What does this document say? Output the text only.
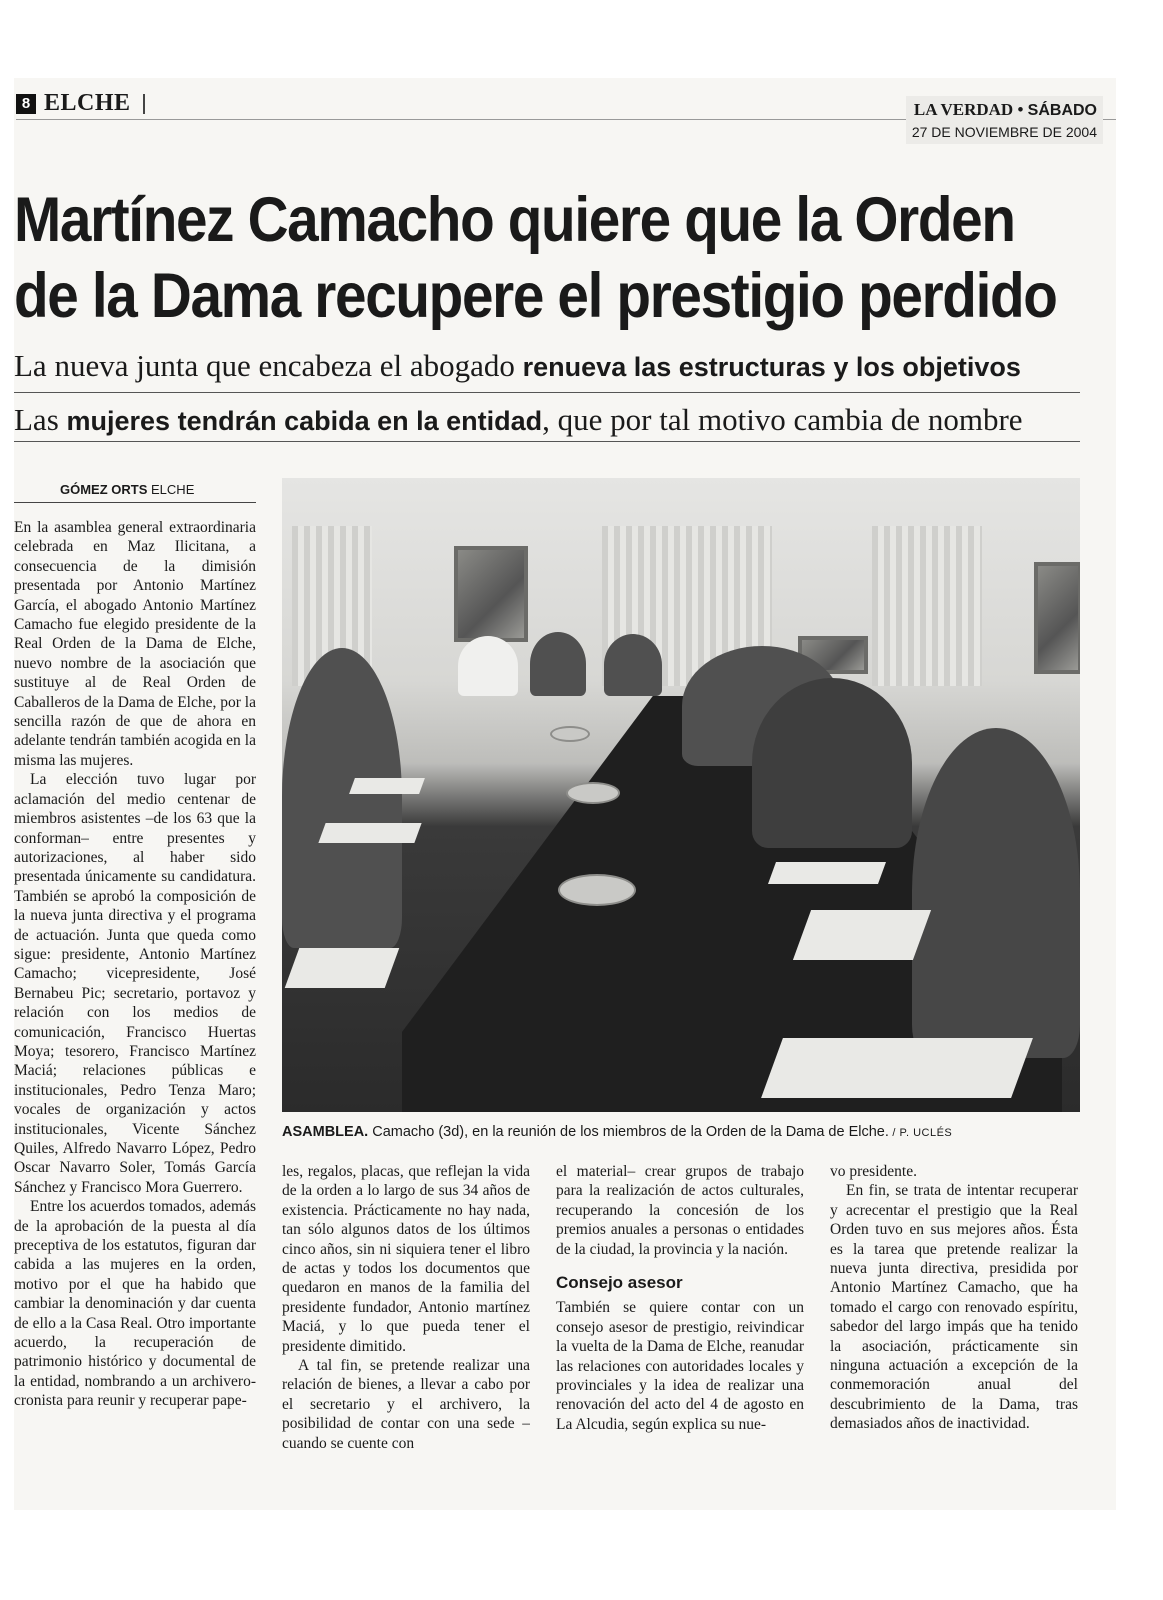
8 ELCHE	LA VERDAD • SÁBADO
27 DE NOVIEMBRE DE 2004
Martínez Camacho quiere que la Orden
de la Dama recupere el prestigio perdido
La nueva junta que encabeza el abogado renueva las estructuras y los objetivos
Las mujeres tendrán cabida en la entidad, que por tal motivo cambia de nombre
GÓMEZ ORTS ELCHE
ASAMBLEA. Camacho (3d), en la reunión de los miembros de la Orden de la Dama de Elche. / P. UCLÉS

En la asamblea general extraordinaria celebrada en Maz Ilicitana, a consecuencia de la dimisión presentada por Antonio Martínez García, el abogado Antonio Martínez Camacho fue elegido presidente de la Real Orden de la Dama de Elche, nuevo nombre de la asociación que sustituye al de Real Orden de Caballeros de la Dama de Elche, por la sencilla razón de que de ahora en adelante tendrán también acogida en la misma las mujeres.

La elección tuvo lugar por aclamación del medio centenar de miembros asistentes –de los 63 que la conforman– entre presentes y autorizaciones, al haber sido presentada únicamente su candidatura. También se aprobó la composición de la nueva junta directiva y el programa de actuación. Junta que queda como sigue: presidente, Antonio Martínez Camacho; vicepresidente, José Bernabeu Pic; secretario, portavoz y relación con los medios de comunicación, Francisco Huertas Moya; tesorero, Francisco Martínez Maciá; relaciones públicas e institucionales, Pedro Tenza Maro; vocales de organización y actos institucionales, Vicente Sánchez Quiles, Alfredo Navarro López, Pedro Oscar Navarro Soler, Tomás García Sánchez y Francisco Mora Guerrero.

Entre los acuerdos tomados, además de la aprobación de la puesta al día preceptiva de los estatutos, figuran dar cabida a las mujeres en la orden, motivo por el que ha habido que cambiar la denominación y dar cuenta de ello a la Casa Real. Otro importante acuerdo, la recuperación de patrimonio histórico y documental de la entidad, nombrando a un archivero-cronista para reunir y recuperar pape-

les, regalos, placas, que reflejan la vida de la orden a lo largo de sus 34 años de existencia. Prácticamente no hay nada, tan sólo algunos datos de los últimos cinco años, sin ni siquiera tener el libro de actas y todos los documentos que quedaron en manos de la familia del presidente fundador, Antonio martínez Maciá, y lo que pueda tener el presidente dimitido.

A tal fin, se pretende realizar una relación de bienes, a llevar a cabo por el secretario y el archivero, la posibilidad de contar con una sede –cuando se cuente con

el material– crear grupos de trabajo para la realización de actos culturales, recuperando la concesión de los premios anuales a personas o entidades de la ciudad, la provincia y la nación.

Consejo asesor

También se quiere contar con un consejo asesor de prestigio, reivindicar la vuelta de la Dama de Elche, reanudar las relaciones con autoridades locales y provinciales y la idea de realizar una renovación del acto del 4 de agosto en La Alcudia, según explica su nue-

vo presidente.

En fin, se trata de intentar recuperar y acrecentar el prestigio que la Real Orden tuvo en sus mejores años. Ésta es la tarea que pretende realizar la nueva junta directiva, presidida por Antonio Martínez Camacho, que ha tomado el cargo con renovado espíritu, sabedor del largo impás que ha tenido la asociación, prácticamente sin ninguna actuación a excepción de la conmemoración anual del descubrimiento de la Dama, tras demasiados años de inactividad.
